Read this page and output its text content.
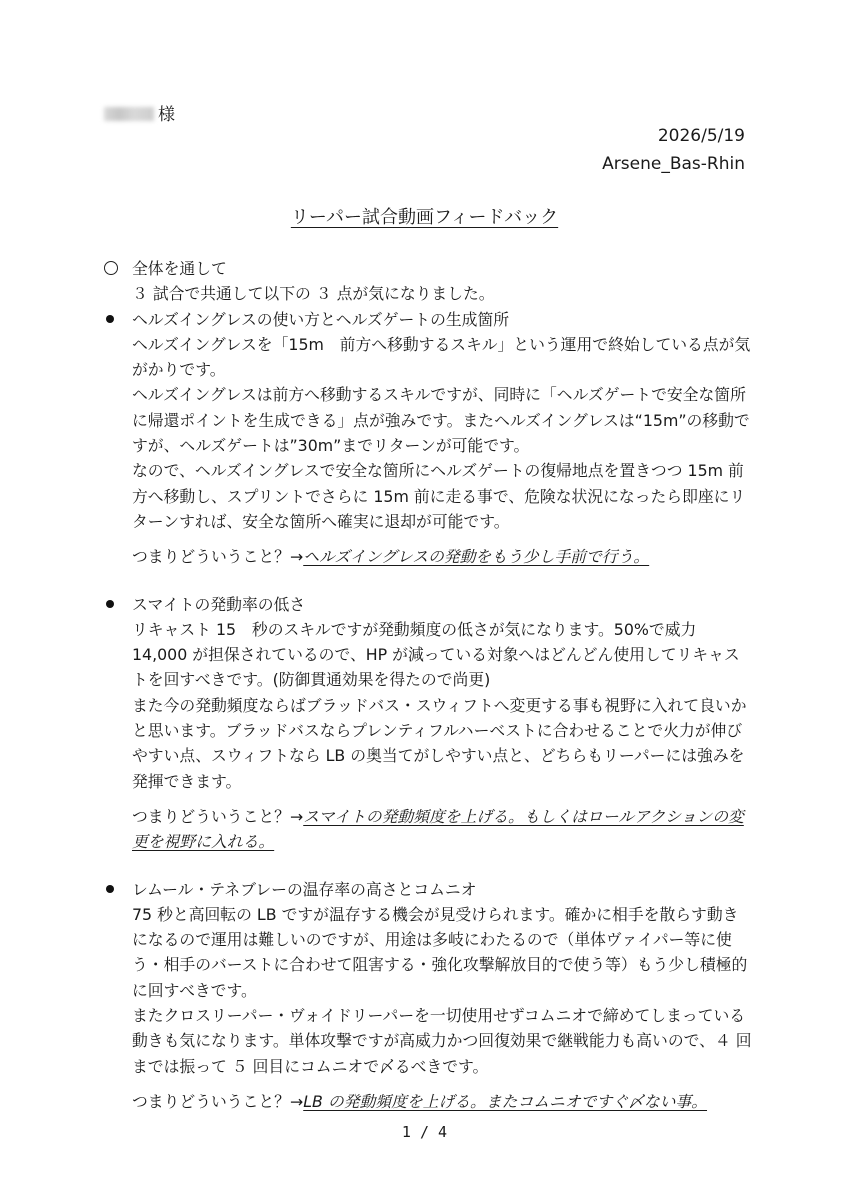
様
2026/5/19
Arsene_Bas-Rhin
リーパー試合動画フィードバック

全体を通して

３ 試合で共通して以下の ３ 点が気になりました。

ヘルズイングレスの使い方とヘルズゲートの生成箇所

ヘルズイングレスを「15m　前方へ移動するスキル」という運用で終始している点が気がかりです。

ヘルズイングレスは前方へ移動するスキルですが、同時に「ヘルズゲートで安全な箇所に帰還ポイントを生成できる」点が強みです。またヘルズイングレスは“15m”の移動ですが、ヘルズゲートは”30m”までリターンが可能です。

なので、ヘルズイングレスで安全な箇所にヘルズゲートの復帰地点を置きつつ 15m 前方へ移動し、スプリントでさらに 15m 前に走る事で、危険な状況になったら即座にリターンすれば、安全な箇所へ確実に退却が可能です。

つまりどういうこと？→ヘルズイングレスの発動をもう少し手前で行う。

スマイトの発動率の低さ

リキャスト 15　秒のスキルですが発動頻度の低さが気になります。50%で威力 14,000 が担保されているので、HP が減っている対象へはどんどん使用してリキャストを回すべきです。(防御貫通効果を得たので尚更)

また今の発動頻度ならばブラッドバス・スウィフトへ変更する事も視野に入れて良いかと思います。ブラッドバスならプレンティフルハーベストに合わせることで火力が伸びやすい点、スウィフトなら LB の奥当てがしやすい点と、どちらもリーパーには強みを発揮できます。

つまりどういうこと？→スマイトの発動頻度を上げる。もしくはロールアクションの変更を視野に入れる。

レムール・テネブレーの温存率の高さとコムニオ

75 秒と高回転の LB ですが温存する機会が見受けられます。確かに相手を散らす動きになるので運用は難しいのですが、用途は多岐にわたるので（単体ヴァイパー等に使う・相手のバーストに合わせて阻害する・強化攻撃解放目的で使う等）もう少し積極的に回すべきです。

またクロスリーパー・ヴォイドリーパーを一切使用せずコムニオで締めてしまっている動きも気になります。単体攻撃ですが高威力かつ回復効果で継戦能力も高いので、４ 回までは振って ５ 回目にコムニオで〆るべきです。

つまりどういうこと？→LB の発動頻度を上げる。またコムニオですぐ〆ない事。

1 / 4
